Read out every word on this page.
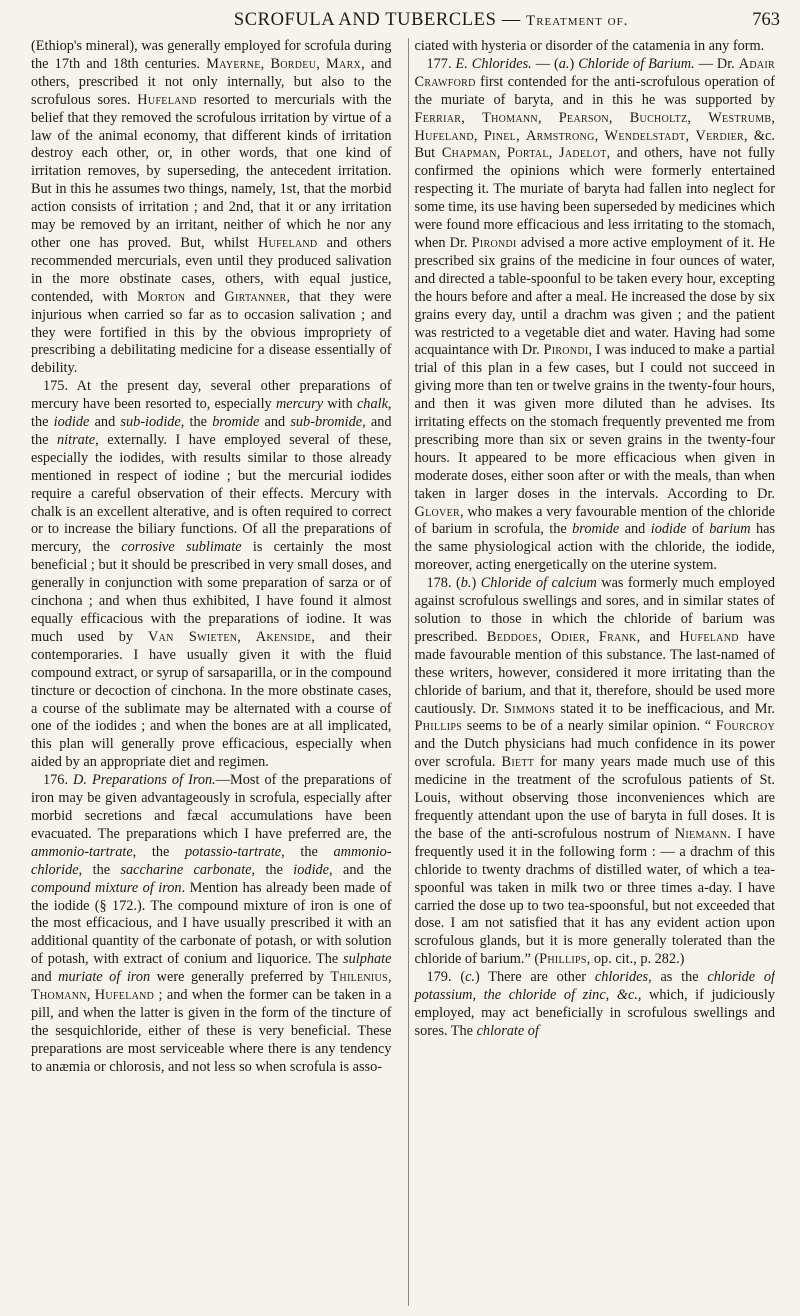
SCROFULA AND TUBERCLES — Treatment of.	763

(Ethiop's mineral), was generally employed for scrofula during the 17th and 18th centuries. Mayerne, Bordeu, Marx, and others, prescribed it not only internally, but also to the scrofulous sores. Hufeland resorted to mercurials with the belief that they removed the scrofulous irritation by virtue of a law of the animal economy, that different kinds of irritation destroy each other, or, in other words, that one kind of irritation removes, by superseding, the antecedent irritation. But in this he assumes two things, namely, 1st, that the morbid action consists of irritation ; and 2nd, that it or any irritation may be removed by an irritant, neither of which he nor any other one has proved. But, whilst Hufeland and others recommended mercurials, even until they produced salivation in the more obstinate cases, others, with equal justice, contended, with Morton and Girtanner, that they were injurious when carried so far as to occasion salivation ; and they were fortified in this by the obvious impropriety of prescribing a debilitating medicine for a disease essentially of debility.

175. At the present day, several other preparations of mercury have been resorted to, especially mercury with chalk, the iodide and sub-iodide, the bromide and sub-bromide, and the nitrate, externally. I have employed several of these, especially the iodides, with results similar to those already mentioned in respect of iodine ; but the mercurial iodides require a careful observation of their effects. Mercury with chalk is an excellent alterative, and is often required to correct or to increase the biliary functions. Of all the preparations of mercury, the corrosive sublimate is certainly the most beneficial ; but it should be prescribed in very small doses, and generally in conjunction with some preparation of sarza or of cinchona ; and when thus exhibited, I have found it almost equally efficacious with the preparations of iodine. It was much used by Van Swieten, Akenside, and their contemporaries. I have usually given it with the fluid compound extract, or syrup of sarsaparilla, or in the compound tincture or decoction of cinchona. In the more obstinate cases, a course of the sublimate may be alternated with a course of one of the iodides ; and when the bones are at all implicated, this plan will generally prove efficacious, especially when aided by an appropriate diet and regimen.

176. D. Preparations of Iron.—Most of the preparations of iron may be given advantageously in scrofula, especially after morbid secretions and fæcal accumulations have been evacuated. The preparations which I have preferred are, the ammonio-tartrate, the potassio-tartrate, the ammonio-chloride, the saccharine carbonate, the iodide, and the compound mixture of iron. Mention has already been made of the iodide (§ 172.). The compound mixture of iron is one of the most efficacious, and I have usually prescribed it with an additional quantity of the carbonate of potash, or with solution of potash, with extract of conium and liquorice. The sulphate and muriate of iron were generally preferred by Thilenius, Thomann, Hufeland ; and when the former can be taken in a pill, and when the latter is given in the form of the tincture of the sesquichloride, either of these is very beneficial. These preparations are most serviceable where there is any tendency to anæmia or chlorosis, and not less so when scrofula is asso-

ciated with hysteria or disorder of the catamenia in any form.

177. E. Chlorides. — (a.) Chloride of Barium. — Dr. Adair Crawford first contended for the anti-scrofulous operation of the muriate of baryta, and in this he was supported by Ferriar, Thomann, Pearson, Bucholtz, Westrumb, Hufeland, Pinel, Armstrong, Wendelstadt, Verdier, &c. But Chapman, Portal, Jadelot, and others, have not fully confirmed the opinions which were formerly entertained respecting it. The muriate of baryta had fallen into neglect for some time, its use having been superseded by medicines which were found more efficacious and less irritating to the stomach, when Dr. Pirondi advised a more active employment of it. He prescribed six grains of the medicine in four ounces of water, and directed a table-spoonful to be taken every hour, excepting the hours before and after a meal. He increased the dose by six grains every day, until a drachm was given ; and the patient was restricted to a vegetable diet and water. Having had some acquaintance with Dr. Pirondi, I was induced to make a partial trial of this plan in a few cases, but I could not succeed in giving more than ten or twelve grains in the twenty-four hours, and then it was given more diluted than he advises. Its irritating effects on the stomach frequently prevented me from prescribing more than six or seven grains in the twenty-four hours. It appeared to be more efficacious when given in moderate doses, either soon after or with the meals, than when taken in larger doses in the intervals. According to Dr. Glover, who makes a very favourable mention of the chloride of barium in scrofula, the bromide and iodide of barium has the same physiological action with the chloride, the iodide, moreover, acting energetically on the uterine system.

178. (b.) Chloride of calcium was formerly much employed against scrofulous swellings and sores, and in similar states of solution to those in which the chloride of barium was prescribed. Beddoes, Odier, Frank, and Hufeland have made favourable mention of this substance. The last-named of these writers, however, considered it more irritating than the chloride of barium, and that it, therefore, should be used more cautiously. Dr. Simmons stated it to be inefficacious, and Mr. Phillips seems to be of a nearly similar opinion. “ Fourcroy and the Dutch physicians had much confidence in its power over scrofula. Biett for many years made much use of this medicine in the treatment of the scrofulous patients of St. Louis, without observing those inconveniences which are frequently attendant upon the use of baryta in full doses. It is the base of the anti-scrofulous nostrum of Niemann. I have frequently used it in the following form : — a drachm of this chloride to twenty drachms of distilled water, of which a tea-spoonful was taken in milk two or three times a-day. I have carried the dose up to two tea-spoonsful, but not exceeded that dose. I am not satisfied that it has any evident action upon scrofulous glands, but it is more generally tolerated than the chloride of barium.” (Phillips, op. cit., p. 282.)

179. (c.) There are other chlorides, as the chloride of potassium, the chloride of zinc, &c., which, if judiciously employed, may act beneficially in scrofulous swellings and sores. The chlorate of
